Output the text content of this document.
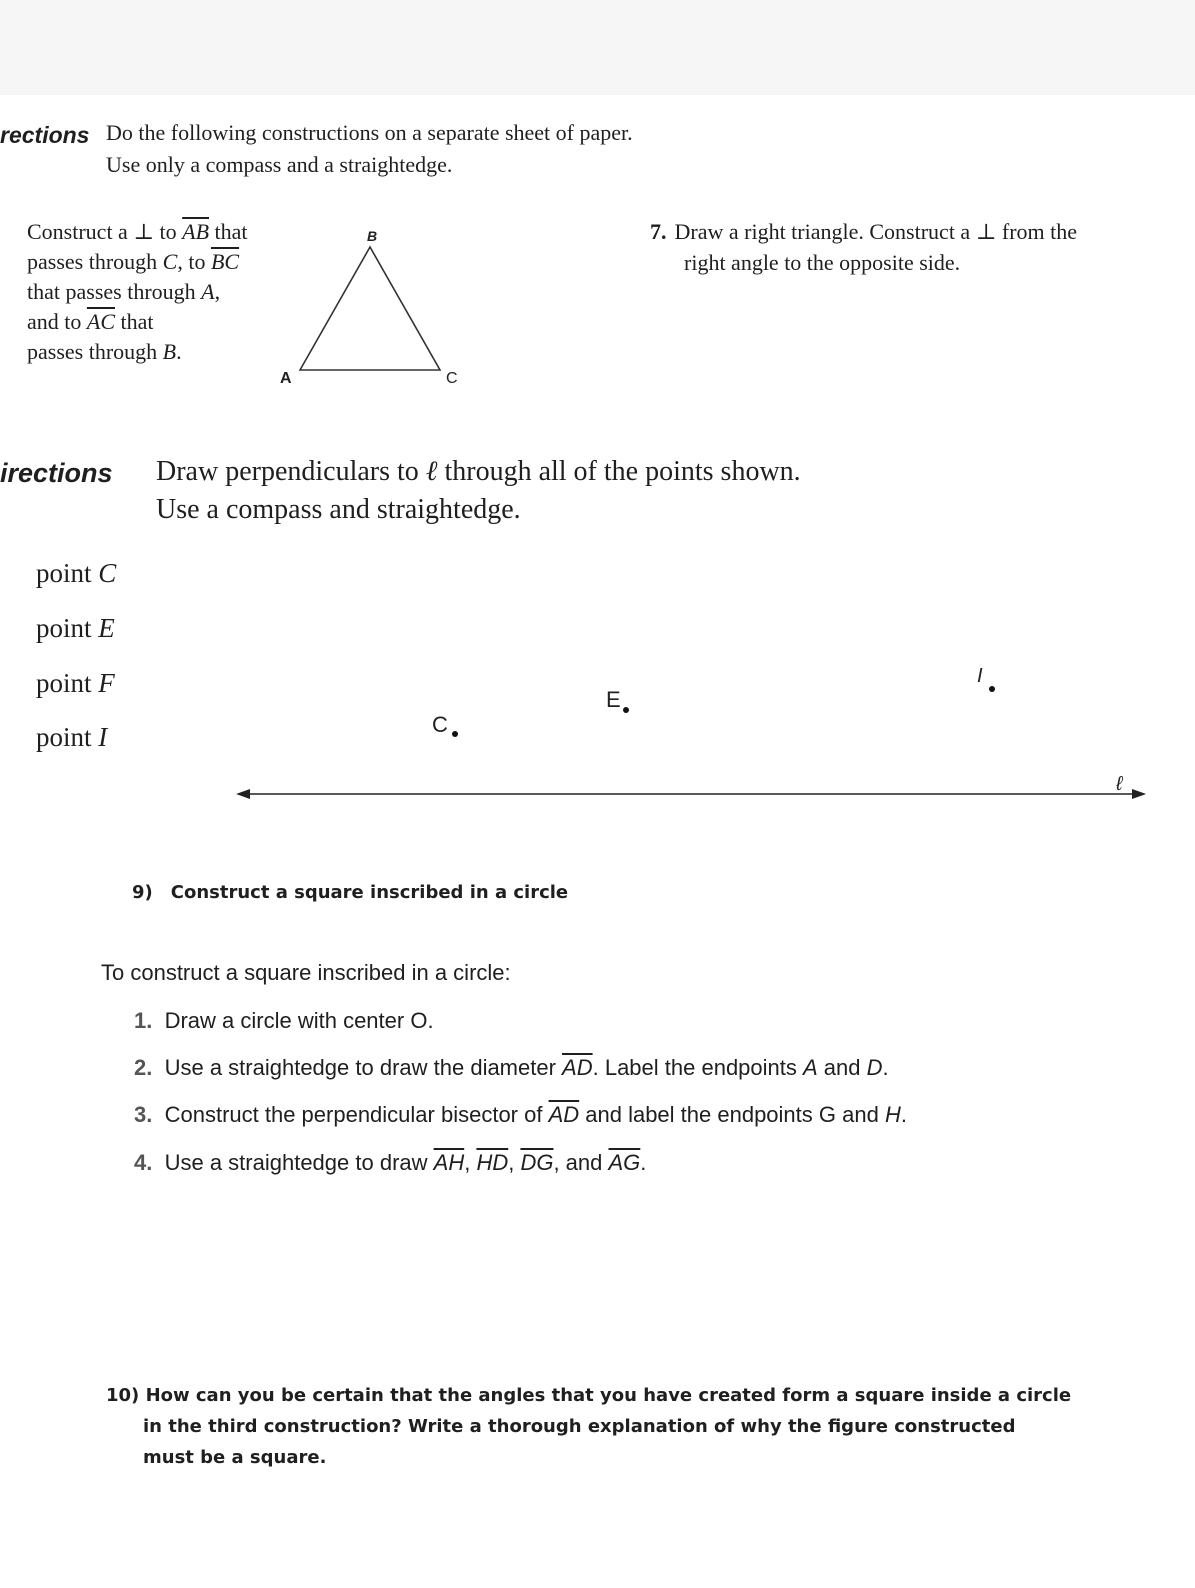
rections Do the following constructions on a separate sheet of paper.
Use only a compass and a straightedge.
Construct a ⊥ to $\overline{AB}$ that
passes through C, to $\overline{BC}$
that passes through A,
and to $\overline{AC}$ that
passes through B.
B
A	C
7. Draw a right triangle. Construct a ⊥ from the
right angle to the opposite side.
irections Draw perpendiculars to ℓ through all of the points shown.
Use a compass and straightedge.
point C
point E
point F
point I	C
E
I
ℓ
9) Construct a square inscribed in a circle
To construct a square inscribed in a circle:
1. Draw a circle with center O.
2. Use a straightedge to draw the diameter $\overline{AD}$. Label the endpoints A and D.
3. Construct the perpendicular bisector of $\overline{AD}$ and label the endpoints G and H.
4. Use a straightedge to draw $\overline{AH}$, $\overline{HD}$, $\overline{DG}$, and $\overline{AG}$.
10) How can you be certain that the angles that you have created form a square inside a circle
in the third construction? Write a thorough explanation of why the figure constructed
must be a square.
